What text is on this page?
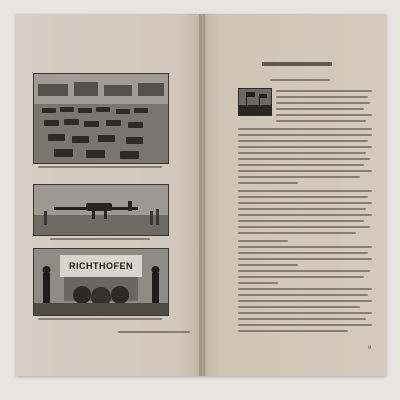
RICHTHOFEN
9
